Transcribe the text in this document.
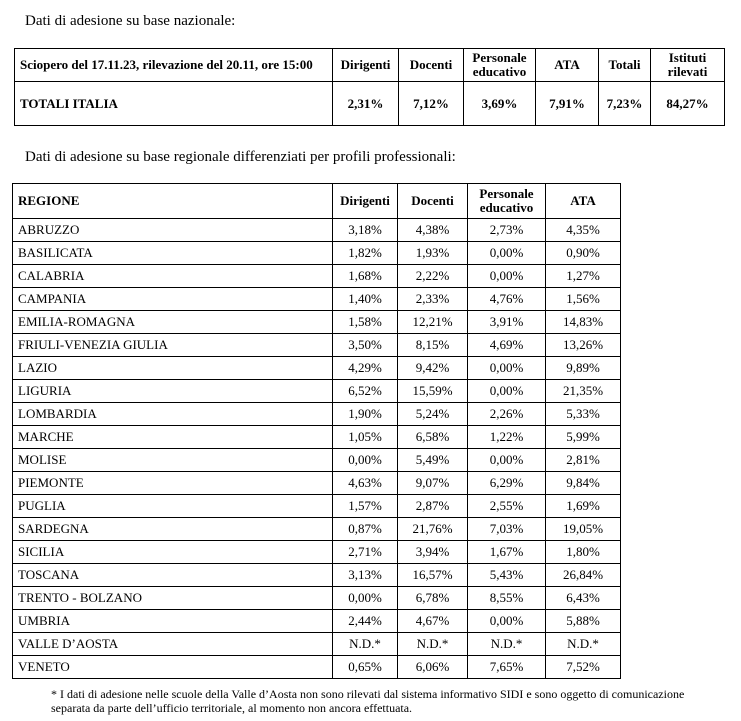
Dati di adesione su base nazionale:
Sciopero del 17.11.23, rilevazione del 20.11, ore 15:00	Dirigenti	Docenti	Personale educativo	ATA	Totali	Istituti rilevati
TOTALI ITALIA	2,31%	7,12%	3,69%	7,91%	7,23%	84,27%
Dati di adesione su base regionale differenziati per profili professionali:
REGIONE	Dirigenti	Docenti	Personale educativo	ATA
ABRUZZO	3,18%	4,38%	2,73%	4,35%
BASILICATA	1,82%	1,93%	0,00%	0,90%
CALABRIA	1,68%	2,22%	0,00%	1,27%
CAMPANIA	1,40%	2,33%	4,76%	1,56%
EMILIA-ROMAGNA	1,58%	12,21%	3,91%	14,83%
FRIULI-VENEZIA GIULIA	3,50%	8,15%	4,69%	13,26%
LAZIO	4,29%	9,42%	0,00%	9,89%
LIGURIA	6,52%	15,59%	0,00%	21,35%
LOMBARDIA	1,90%	5,24%	2,26%	5,33%
MARCHE	1,05%	6,58%	1,22%	5,99%
MOLISE	0,00%	5,49%	0,00%	2,81%
PIEMONTE	4,63%	9,07%	6,29%	9,84%
PUGLIA	1,57%	2,87%	2,55%	1,69%
SARDEGNA	0,87%	21,76%	7,03%	19,05%
SICILIA	2,71%	3,94%	1,67%	1,80%
TOSCANA	3,13%	16,57%	5,43%	26,84%
TRENTO - BOLZANO	0,00%	6,78%	8,55%	6,43%
UMBRIA	2,44%	4,67%	0,00%	5,88%
VALLE D’AOSTA	N.D.*	N.D.*	N.D.*	N.D.*
VENETO	0,65%	6,06%	7,65%	7,52%
* I dati di adesione nelle scuole della Valle d’Aosta non sono rilevati dal sistema informativo SIDI e sono oggetto di comunicazione separata da parte dell’ufficio territoriale, al momento non ancora effettuata.
